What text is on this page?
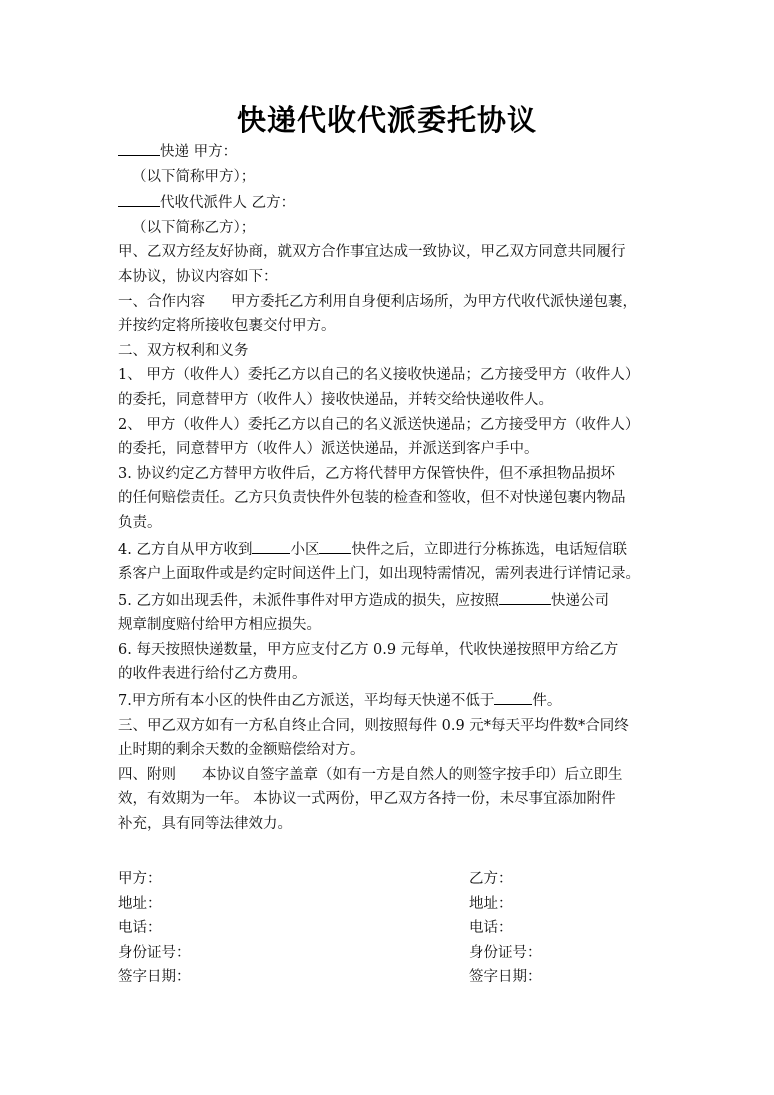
快递代收代派委托协议

快递 甲方：

（以下简称甲方）；

代收代派件人 乙方：

（以下简称乙方）；

甲、乙双方经友好协商，就双方合作事宜达成一致协议，甲乙双方同意共同履行

本协议，协议内容如下：

一、合作内容 甲方委托乙方利用自身便利店场所，为甲方代收代派快递包裹，

并按约定将所接收包裹交付甲方。

二、双方权利和义务

1、 甲方（收件人）委托乙方以自己的名义接收快递品；乙方接受甲方（收件人）

的委托，同意替甲方（收件人）接收快递品，并转交给快递收件人。

2、 甲方（收件人）委托乙方以自己的名义派送快递品；乙方接受甲方（收件人）

的委托，同意替甲方（收件人）派送快递品，并派送到客户手中。

3. 协议约定乙方替甲方收件后，乙方将代替甲方保管快件，但不承担物品损坏

的任何赔偿责任。乙方只负责快件外包装的检查和签收，但不对快递包裹内物品

负责。

4. 乙方自从甲方收到	小区 快件之后，立即进行分栋拣选，电话短信联

系客户上面取件或是约定时间送件上门，如出现特需情况，需列表进行详情记录。

5. 乙方如出现丢件，未派件事件对甲方造成的损失，应按照	快递公司

规章制度赔付给甲方相应损失。

6. 每天按照快递数量，甲方应支付乙方 0.9 元每单，代收快递按照甲方给乙方

的收件表进行给付乙方费用。

7.甲方所有本小区的快件由乙方派送，平均每天快递不低于	件。

三、甲乙双方如有一方私自终止合同，则按照每件 0.9 元*每天平均件数*合同终

止时期的剩余天数的金额赔偿给对方。

四、附则 本协议自签字盖章（如有一方是自然人的则签字按手印）后立即生

效，有效期为一年。 本协议一式两份，甲乙双方各持一份，未尽事宜添加附件

补充，具有同等法律效力。

甲方：	乙方：
地址：	地址：
电话：	电话：
身份证号：	身份证号：
签字日期：	签字日期：
